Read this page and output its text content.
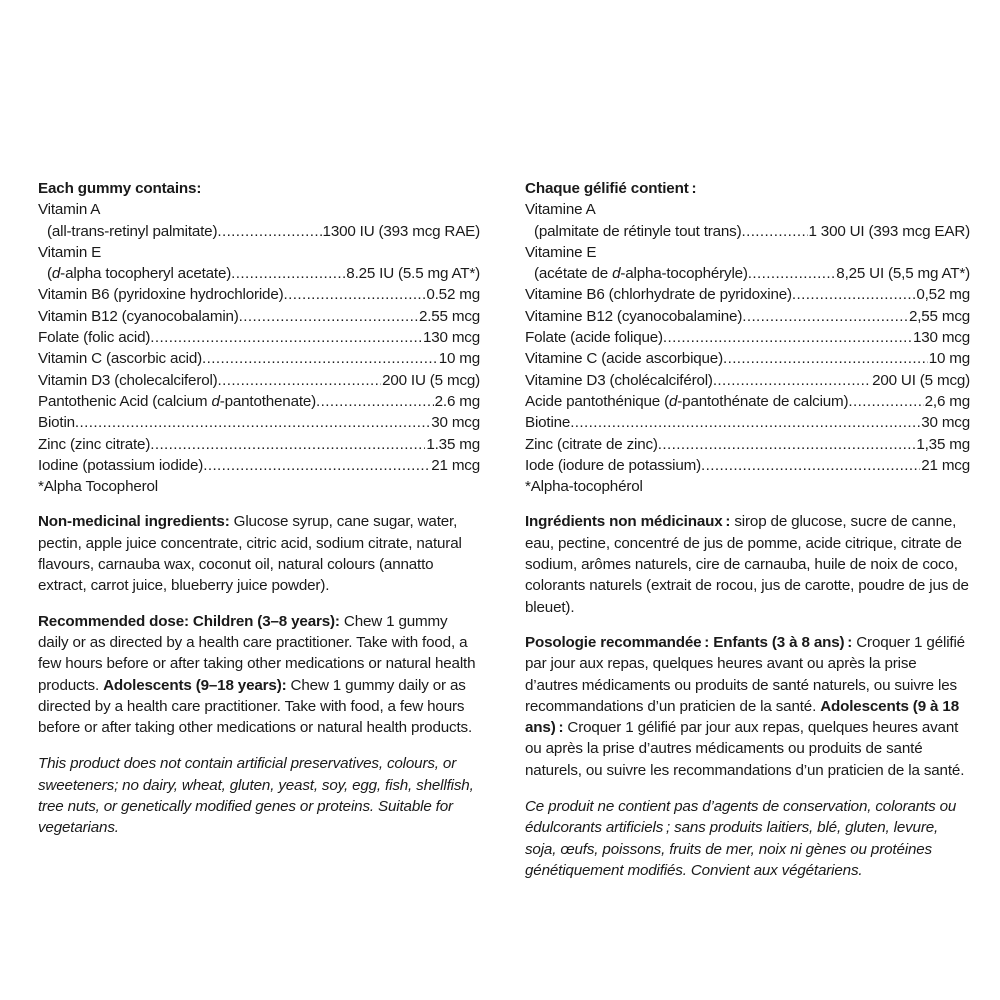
Each gummy contains:
Vitamin A
(all-trans-retinyl palmitate) .....	1300 IU (393 mcg RAE)
Vitamin E
(d-alpha tocopheryl acetate) .....	8.25 IU (5.5 mg AT*)
Vitamin B6 (pyridoxine hydrochloride) .....	0.52 mg
Vitamin B12 (cyanocobalamin) .....	2.55 mcg
Folate (folic acid) .....	130 mcg
Vitamin C (ascorbic acid) .....	10 mg
Vitamin D3 (cholecalciferol) .....	200 IU (5 mcg)
Pantothenic Acid (calcium d-pantothenate) .....	2.6 mg
Biotin .....	30 mcg
Zinc (zinc citrate) .....	1.35 mg
Iodine (potassium iodide) .....	21 mcg
*Alpha Tocopherol

Non-medicinal ingredients: Glucose syrup, cane sugar, water, pectin, apple juice concentrate, citric acid, sodium citrate, natural flavours, carnauba wax, coconut oil, natural colours (annatto extract, carrot juice, blueberry juice powder).

Recommended dose: Children (3–8 years): Chew 1 gummy daily or as directed by a health care practitioner. Take with food, a few hours before or after taking other medications or natural health products. Adolescents (9–18 years): Chew 1 gummy daily or as directed by a health care practitioner. Take with food, a few hours before or after taking other medications or natural health products.

This product does not contain artificial preservatives, colours, or sweeteners; no dairy, wheat, gluten, yeast, soy, egg, fish, shellfish, tree nuts, or genetically modified genes or proteins. Suitable for vegetarians.

Chaque gélifié contient :
Vitamine A
(palmitate de rétinyle tout trans) .....	1 300 UI (393 mcg EAR)
Vitamine E
(acétate de d-alpha-tocophéryle) .....	8,25 UI (5,5 mg AT*)
Vitamine B6 (chlorhydrate de pyridoxine) .....	0,52 mg
Vitamine B12 (cyanocobalamine) .....	2,55 mcg
Folate (acide folique) .....	130 mcg
Vitamine C (acide ascorbique) .....	10 mg
Vitamine D3 (cholécalciférol) .....	200 UI (5 mcg)
Acide pantothénique (d-pantothénate de calcium) .....	2,6 mg
Biotine .....	30 mcg
Zinc (citrate de zinc) .....	1,35 mg
Iode (iodure de potassium) .....	21 mcg
*Alpha-tocophérol

Ingrédients non médicinaux : sirop de glucose, sucre de canne, eau, pectine, concentré de jus de pomme, acide citrique, citrate de sodium, arômes naturels, cire de carnauba, huile de noix de coco, colorants naturels (extrait de rocou, jus de carotte, poudre de jus de bleuet).

Posologie recommandée : Enfants (3 à 8 ans) : Croquer 1 gélifié par jour aux repas, quelques heures avant ou après la prise d’autres médicaments ou produits de santé naturels, ou suivre les recommandations d’un praticien de la santé. Adolescents (9 à 18 ans) : Croquer 1 gélifié par jour aux repas, quelques heures avant ou après la prise d’autres médicaments ou produits de santé naturels, ou suivre les recommandations d’un praticien de la santé.

Ce produit ne contient pas d’agents de conservation, colorants ou édulcorants artificiels ; sans produits laitiers, blé, gluten, levure, soja, œufs, poissons, fruits de mer, noix ni gènes ou protéines génétiquement modifiés. Convient aux végétariens.
